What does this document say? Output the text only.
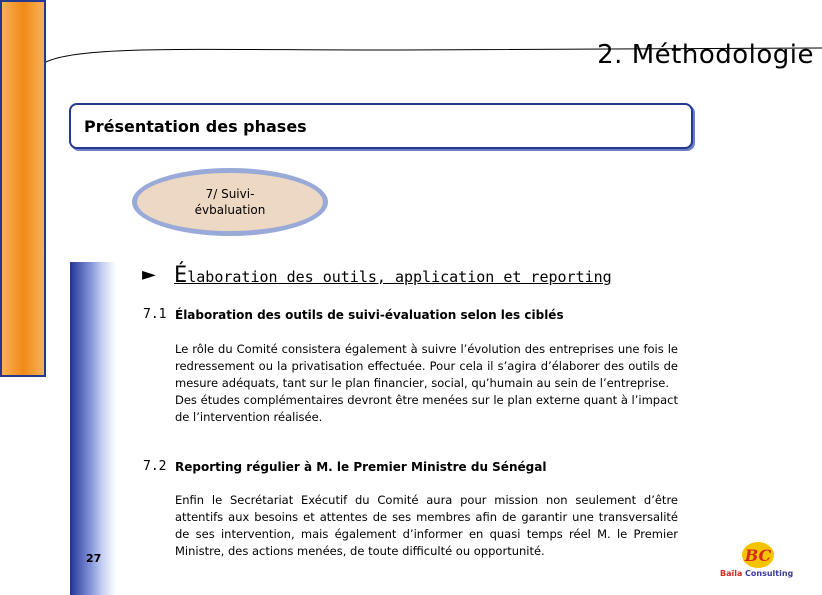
2. Méthodologie
Présentation des phases
7/ Suivi-
évbaluation
► Élaboration des outils, application et reporting
7.1 Élaboration des outils de suivi-évaluation selon les ciblés
Le rôle du Comité consistera également à suivre l’évolution des entreprises une fois le redressement ou la privatisation effectuée. Pour cela il s’agira d’élaborer des outils de mesure adéquats, tant sur le plan financier, social, qu’humain au sein de l’entreprise.
Des études complémentaires devront être menées sur le plan externe quant à l’impact de l’intervention réalisée.
7.2 Reporting régulier à M. le Premier Ministre du Sénégal
Enfin le Secrétariat Exécutif du Comité aura pour mission non seulement d’être attentifs aux besoins et attentes de ses membres afin de garantir une transversalité de ses intervention, mais également d’informer en quasi temps réel M. le Premier Ministre, des actions menées, de toute difficulté ou opportunité.
27	BC
Baïla Consulting
